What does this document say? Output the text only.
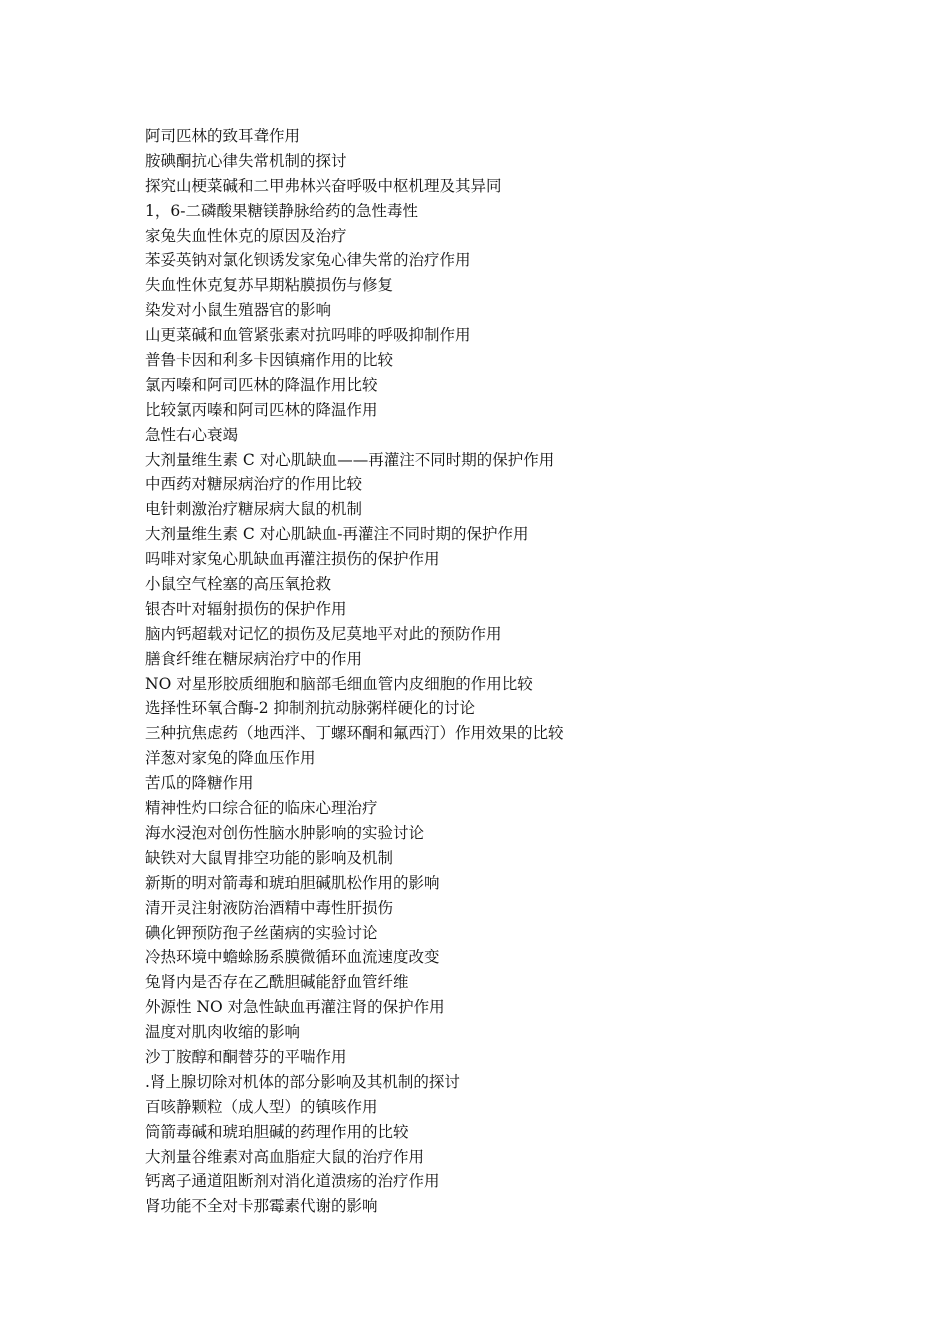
阿司匹林的致耳聋作用
胺碘酮抗心律失常机制的探讨
探究山梗菜碱和二甲弗林兴奋呼吸中枢机理及其异同
1，6-二磷酸果糖镁静脉给药的急性毒性
家兔失血性休克的原因及治疗
苯妥英钠对氯化钡诱发家兔心律失常的治疗作用
失血性休克复苏早期粘膜损伤与修复
染发对小鼠生殖器官的影响
山更菜碱和血管紧张素对抗吗啡的呼吸抑制作用
普鲁卡因和利多卡因镇痛作用的比较
氯丙嗪和阿司匹林的降温作用比较
比较氯丙嗪和阿司匹林的降温作用
急性右心衰竭
大剂量维生素 C 对心肌缺血——再灌注不同时期的保护作用
中西药对糖尿病治疗的作用比较
电针刺激治疗糖尿病大鼠的机制
大剂量维生素 C 对心肌缺血-再灌注不同时期的保护作用
吗啡对家兔心肌缺血再灌注损伤的保护作用
小鼠空气栓塞的高压氧抢救
银杏叶对辐射损伤的保护作用
脑内钙超载对记忆的损伤及尼莫地平对此的预防作用
膳食纤维在糖尿病治疗中的作用
NO 对星形胶质细胞和脑部毛细血管内皮细胞的作用比较
选择性环氧合酶-2 抑制剂抗动脉粥样硬化的讨论
三种抗焦虑药（地西泮、丁螺环酮和氟西汀）作用效果的比较
洋葱对家兔的降血压作用
苦瓜的降糖作用
精神性灼口综合征的临床心理治疗
海水浸泡对创伤性脑水肿影响的实验讨论
缺铁对大鼠胃排空功能的影响及机制
新斯的明对箭毒和琥珀胆碱肌松作用的影响
清开灵注射液防治酒精中毒性肝损伤
碘化钾预防孢子丝菌病的实验讨论
冷热环境中蟾蜍肠系膜微循环血流速度改变
兔肾内是否存在乙酰胆碱能舒血管纤维
外源性 NO 对急性缺血再灌注肾的保护作用
温度对肌肉收缩的影响
沙丁胺醇和酮替芬的平喘作用
.肾上腺切除对机体的部分影响及其机制的探讨
百咳静颗粒（成人型）的镇咳作用
筒箭毒碱和琥珀胆碱的药理作用的比较
大剂量谷维素对高血脂症大鼠的治疗作用
钙离子通道阻断剂对消化道溃疡的治疗作用
肾功能不全对卡那霉素代谢的影响
